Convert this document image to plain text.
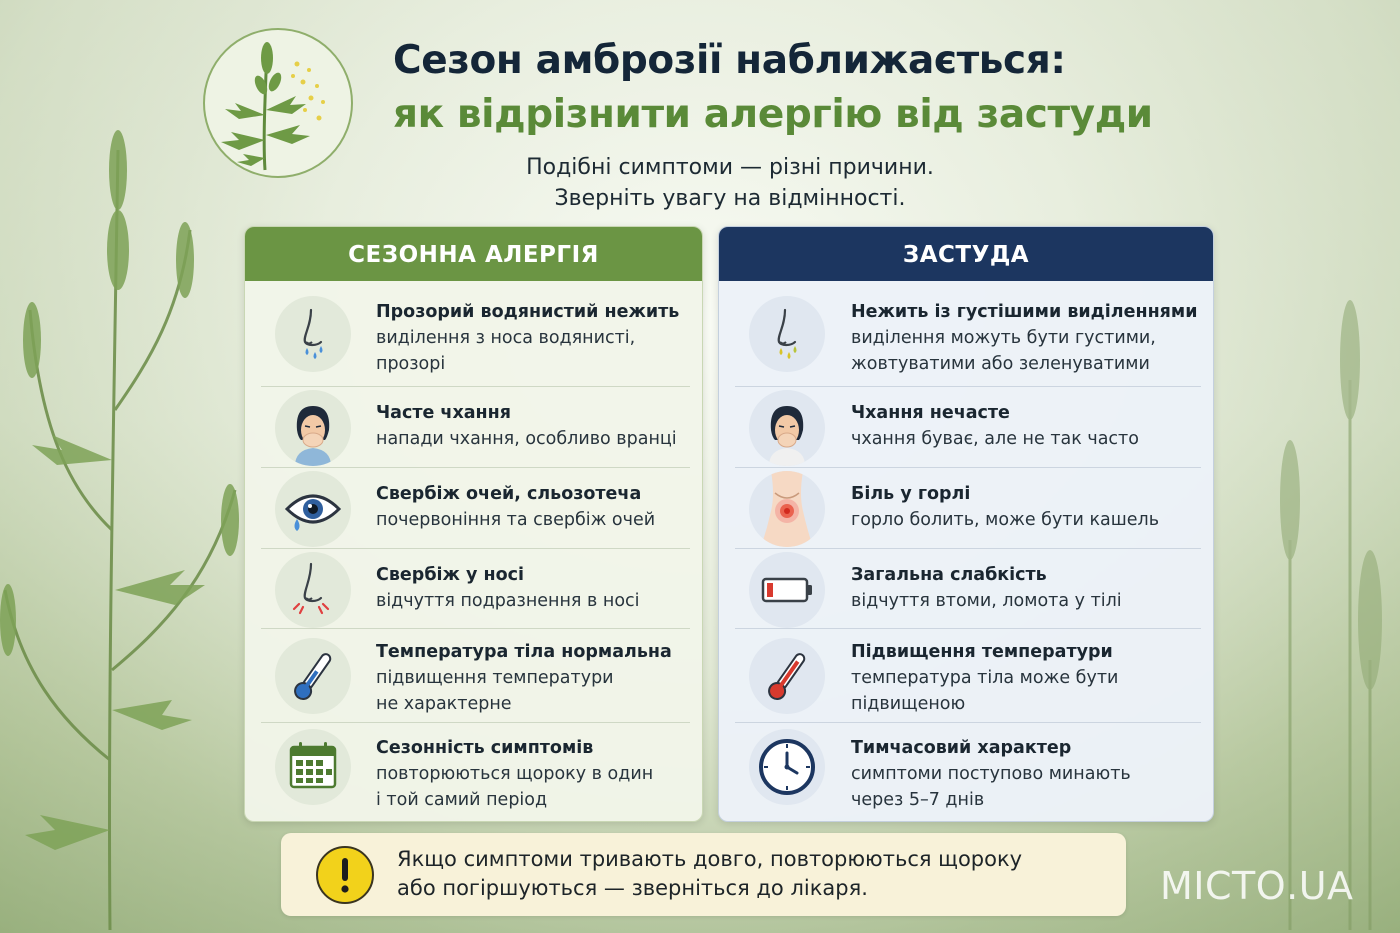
Сезон амброзії наближається:
як відрізнити алергію від застуди
Подібні симптоми — різні причини.
Зверніть увагу на відмінності.
СЕЗОННА АЛЕРГІЯ
Прозорий водянистий нежить
виділення з носа водянисті,
прозорі
Часте чхання
напади чхання, особливо вранці
Свербіж очей, сльозотеча
почервоніння та свербіж очей
Свербіж у носі
відчуття подразнення в носі
Температура тіла нормальна
підвищення температури
не характерне
Сезонність симптомів
повторюються щороку в один
і той самий період
ЗАСТУДА
Нежить із густішими виділеннями
виділення можуть бути густими,
жовтуватими або зеленуватими
Чхання нечасте
чхання буває, але не так часто
Біль у горлі
горло болить, може бути кашель
Загальна слабкість
відчуття втоми, ломота у тілі
Підвищення температури
температура тіла може бути
підвищеною
Тимчасовий характер
симптоми поступово минають
через 5–7 днів
Якщо симптоми тривають довго, повторюються щороку
або погіршуються — зверніться до лікаря.	МІСТО.UA
